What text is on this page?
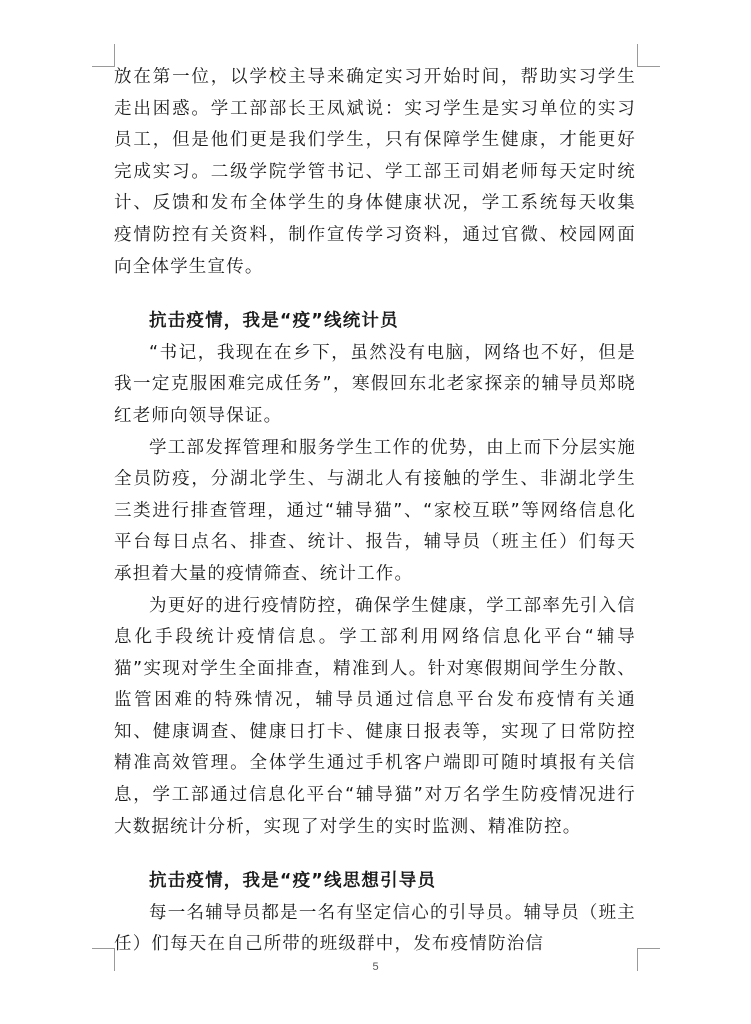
放在第一位，以学校主导来确定实习开始时间，帮助实习学生走出困惑。学工部部长王凤斌说：实习学生是实习单位的实习员工，但是他们更是我们学生，只有保障学生健康，才能更好完成实习。二级学院学管书记、学工部王司娟老师每天定时统计、反馈和发布全体学生的身体健康状况，学工系统每天收集疫情防控有关资料，制作宣传学习资料，通过官微、校园网面向全体学生宣传。

抗击疫情，我是“疫”线统计员

“书记，我现在在乡下，虽然没有电脑，网络也不好，但是我一定克服困难完成任务”，寒假回东北老家探亲的辅导员郑晓红老师向领导保证。

学工部发挥管理和服务学生工作的优势，由上而下分层实施全员防疫，分湖北学生、与湖北人有接触的学生、非湖北学生三类进行排查管理，通过“辅导猫”、“家校互联”等网络信息化平台每日点名、排查、统计、报告，辅导员（班主任）们每天承担着大量的疫情筛查、统计工作。

为更好的进行疫情防控，确保学生健康，学工部率先引入信息化手段统计疫情信息。学工部利用网络信息化平台“辅导猫”实现对学生全面排查，精准到人。针对寒假期间学生分散、监管困难的特殊情况，辅导员通过信息平台发布疫情有关通知、健康调查、健康日打卡、健康日报表等，实现了日常防控精准高效管理。全体学生通过手机客户端即可随时填报有关信息，学工部通过信息化平台“辅导猫”对万名学生防疫情况进行大数据统计分析，实现了对学生的实时监测、精准防控。

抗击疫情，我是“疫”线思想引导员

每一名辅导员都是一名有坚定信心的引导员。辅导员（班主任）们每天在自己所带的班级群中，发布疫情防治信

5
